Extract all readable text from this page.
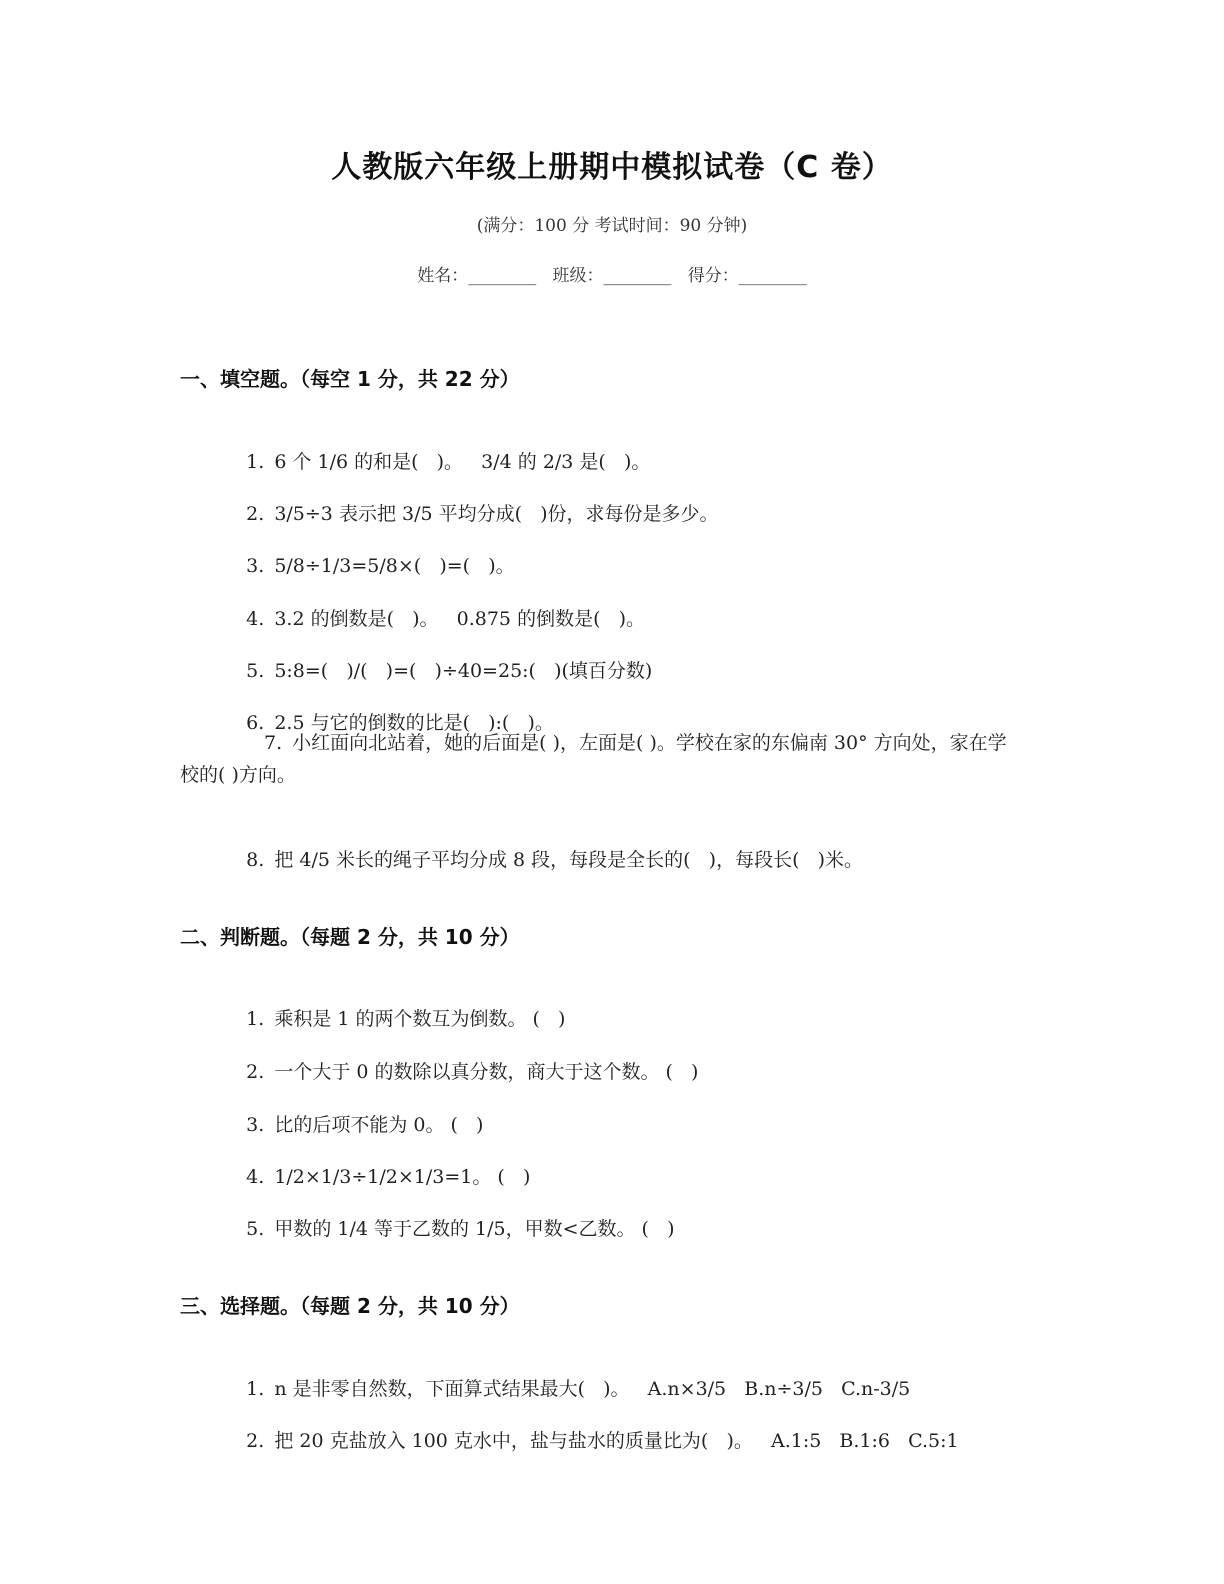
人教版六年级上册期中模拟试卷（C 卷）
(满分：100 分 考试时间：90 分钟)
姓名：________   班级：________   得分：________
一、填空题。（每空 1 分，共 22 分）

1. 6 个 1/6 的和是(   )。   3/4 的 2/3 是(   )。

2. 3/5÷3 表示把 3/5 平均分成(   )份，求每份是多少。

3. 5/8÷1/3=5/8×(   )=(   )。

4. 3.2 的倒数是(   )。   0.875 的倒数是(   )。

5. 5:8=(   )/(   )=(   )÷40=25:(   )(填百分数)

6. 2.5 与它的倒数的比是(   ):(   )。

7. 小红面向北站着，她的后面是( )，左面是( )。学校在家的东偏南 30° 方向处，家在学校的( )方向。

8. 把 4/5 米长的绳子平均分成 8 段，每段是全长的(   )，每段长(   )米。

二、判断题。（每题 2 分，共 10 分）

1. 乘积是 1 的两个数互为倒数。 (   )

2. 一个大于 0 的数除以真分数，商大于这个数。 (   )

3. 比的后项不能为 0。 (   )

4. 1/2×1/3÷1/2×1/3=1。 (   )

5. 甲数的 1/4 等于乙数的 1/5，甲数<乙数。 (   )

三、选择题。（每题 2 分，共 10 分）

1. n 是非零自然数，下面算式结果最大(   )。   A.n×3/5   B.n÷3/5   C.n-3/5

2. 把 20 克盐放入 100 克水中，盐与盐水的质量比为(   )。   A.1:5   B.1:6   C.5:1
